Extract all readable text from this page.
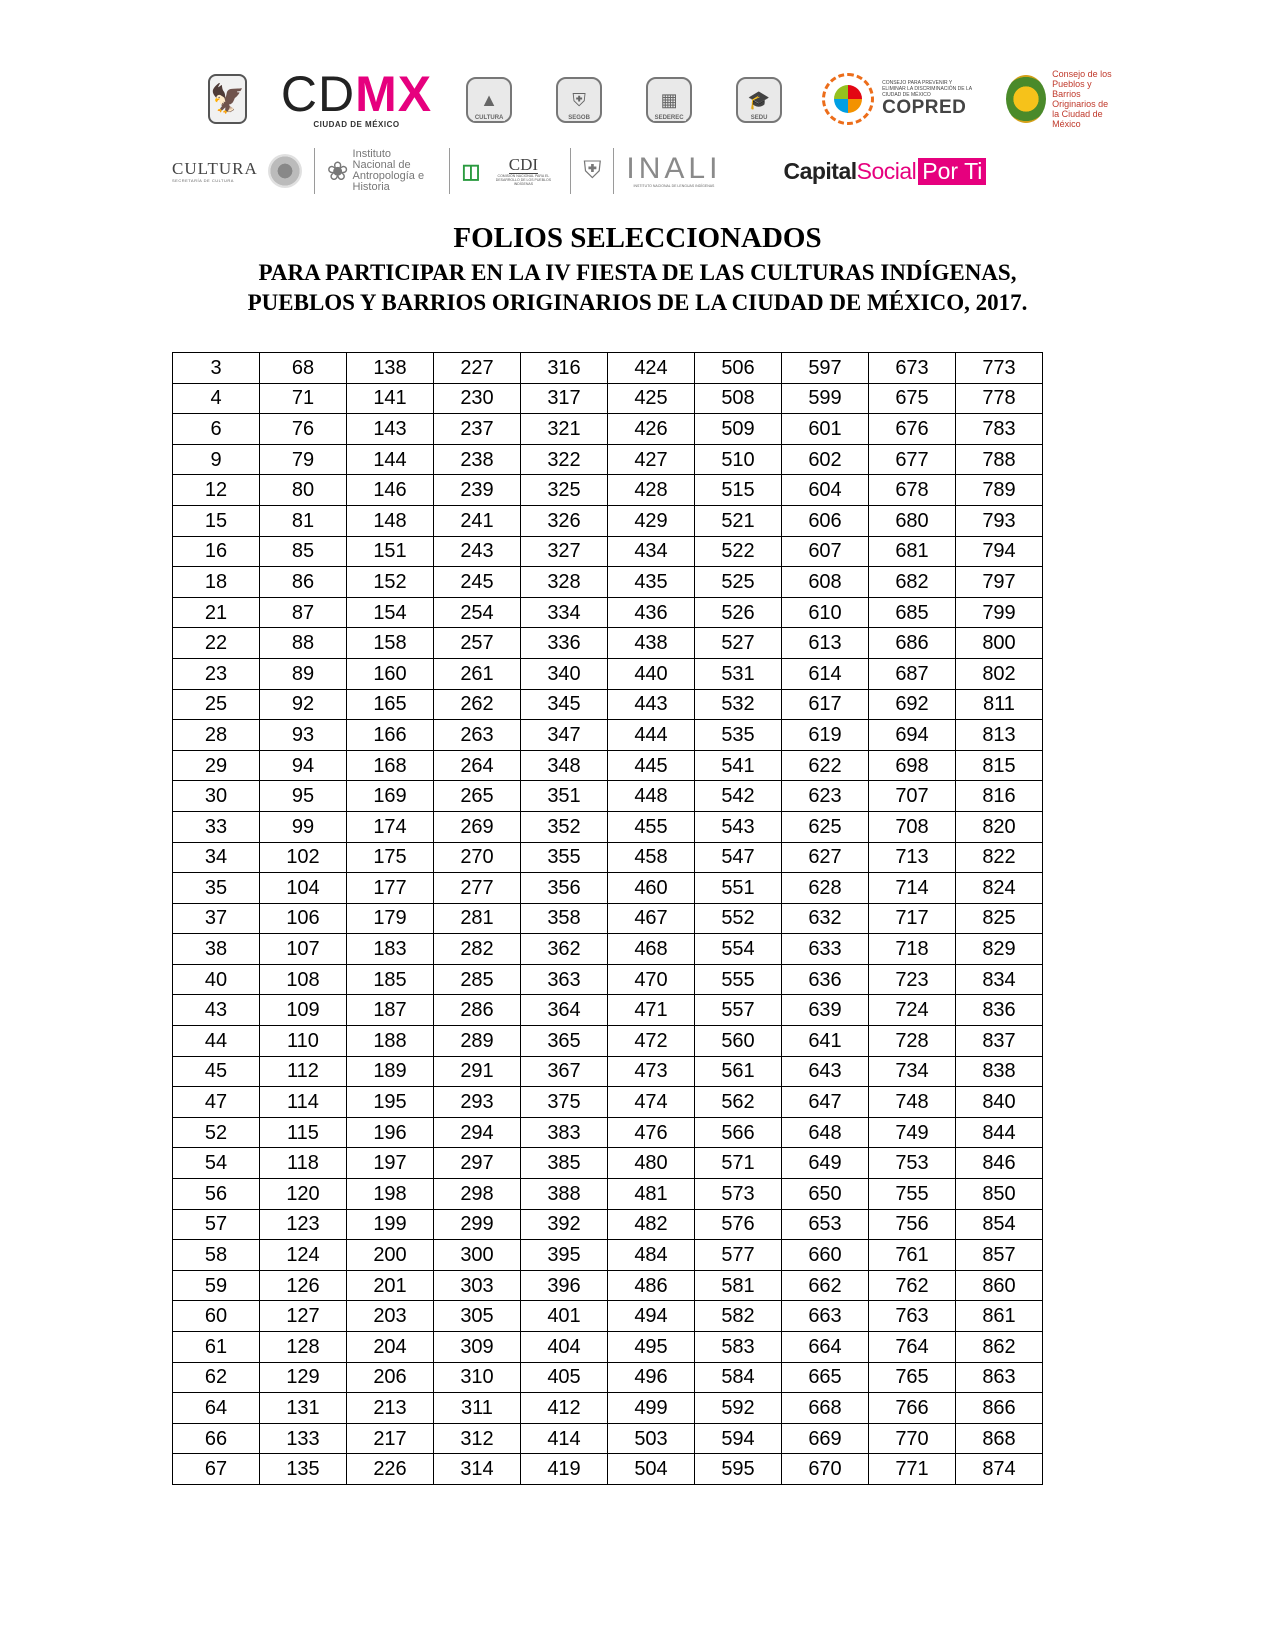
🦅 CDMX
CIUDAD DE MÉXICO
▲
CULTURA
⛨
SEGOB
▦
SEDEREC
🎓
SEDU
CONSEJO PARA PREVENIR Y ELIMINAR LA DISCRIMINACIÓN DE LA CIUDAD DE MÉXICO
COPRED
Consejo de los Pueblos y Barrios Originarios de la Ciudad de México
CULTURA
SECRETARÍA DE CULTURA	❀
Instituto Nacional de Antropología e Historia
◫ CDI
COMISIÓN NACIONAL PARA EL DESARROLLO DE LOS PUEBLOS INDÍGENAS	⛨ INALI
INSTITUTO NACIONAL DE LENGUAS INDÍGENAS
Capital Social Por Ti
FOLIOS SELECCIONADOS
PARA PARTICIPAR EN LA IV FIESTA DE LAS CULTURAS INDÍGENAS,
PUEBLOS Y BARRIOS ORIGINARIOS DE LA CIUDAD DE MÉXICO, 2017.
3	68	138	227	316	424	506	597	673	773
4	71	141	230	317	425	508	599	675	778
6	76	143	237	321	426	509	601	676	783
9	79	144	238	322	427	510	602	677	788
12	80	146	239	325	428	515	604	678	789
15	81	148	241	326	429	521	606	680	793
16	85	151	243	327	434	522	607	681	794
18	86	152	245	328	435	525	608	682	797
21	87	154	254	334	436	526	610	685	799
22	88	158	257	336	438	527	613	686	800
23	89	160	261	340	440	531	614	687	802
25	92	165	262	345	443	532	617	692	811
28	93	166	263	347	444	535	619	694	813
29	94	168	264	348	445	541	622	698	815
30	95	169	265	351	448	542	623	707	816
33	99	174	269	352	455	543	625	708	820
34	102	175	270	355	458	547	627	713	822
35	104	177	277	356	460	551	628	714	824
37	106	179	281	358	467	552	632	717	825
38	107	183	282	362	468	554	633	718	829
40	108	185	285	363	470	555	636	723	834
43	109	187	286	364	471	557	639	724	836
44	110	188	289	365	472	560	641	728	837
45	112	189	291	367	473	561	643	734	838
47	114	195	293	375	474	562	647	748	840
52	115	196	294	383	476	566	648	749	844
54	118	197	297	385	480	571	649	753	846
56	120	198	298	388	481	573	650	755	850
57	123	199	299	392	482	576	653	756	854
58	124	200	300	395	484	577	660	761	857
59	126	201	303	396	486	581	662	762	860
60	127	203	305	401	494	582	663	763	861
61	128	204	309	404	495	583	664	764	862
62	129	206	310	405	496	584	665	765	863
64	131	213	311	412	499	592	668	766	866
66	133	217	312	414	503	594	669	770	868
67	135	226	314	419	504	595	670	771	874
